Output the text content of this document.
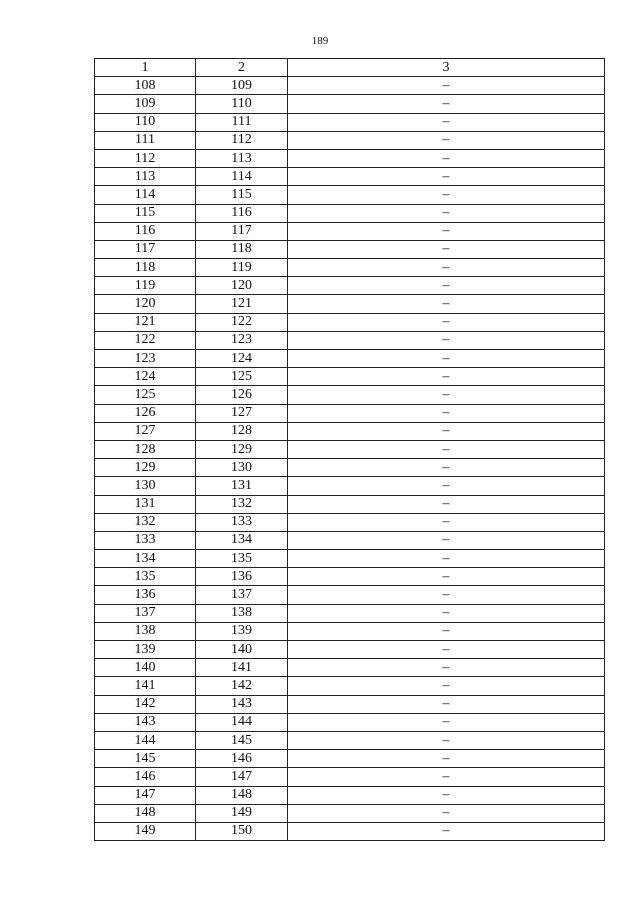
189
1	2	3
108	109	–
109	110	–
110	111	–
111	112	–
112	113	–
113	114	–
114	115	–
115	116	–
116	117	–
117	118	–
118	119	–
119	120	–
120	121	–
121	122	–
122	123	–
123	124	–
124	125	–
125	126	–
126	127	–
127	128	–
128	129	–
129	130	–
130	131	–
131	132	–
132	133	–
133	134	–
134	135	–
135	136	–
136	137	–
137	138	–
138	139	–
139	140	–
140	141	–
141	142	–
142	143	–
143	144	–
144	145	–
145	146	–
146	147	–
147	148	–
148	149	–
149	150	–
